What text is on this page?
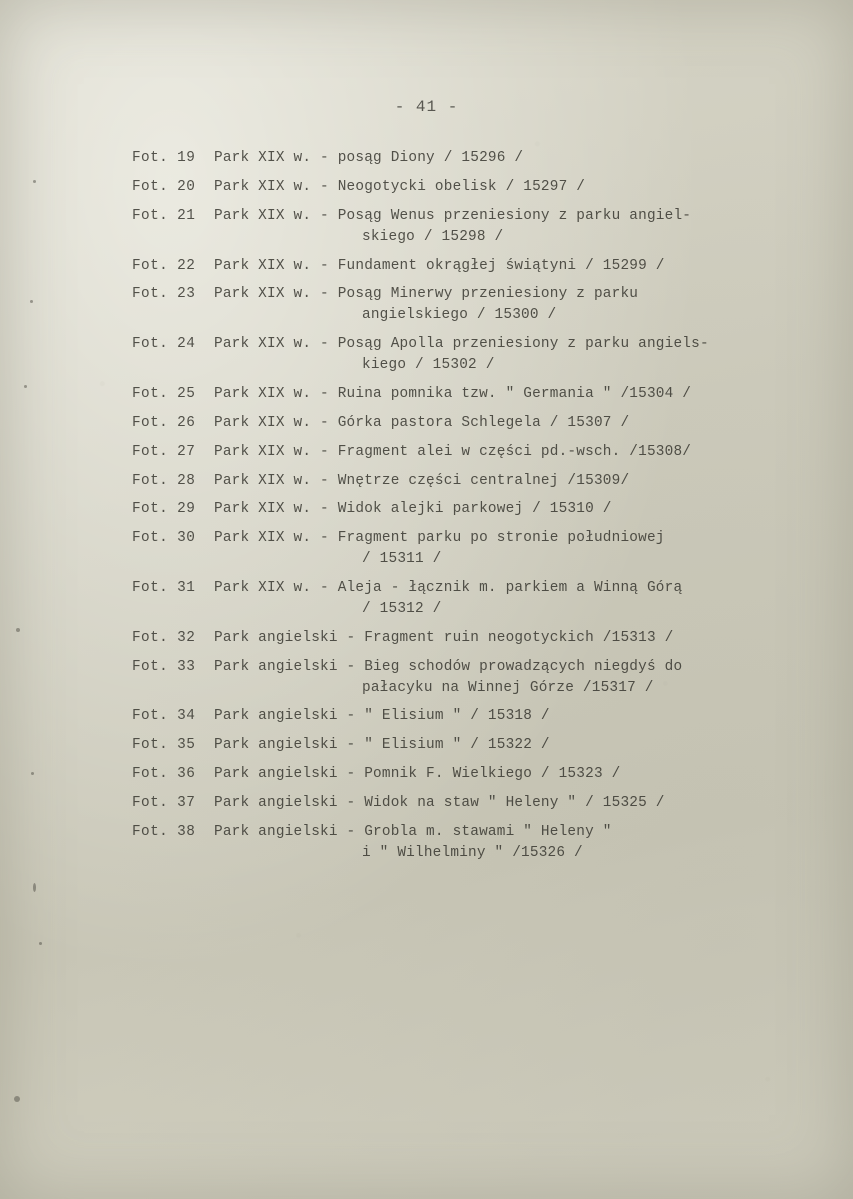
- 41 -
Fot. 19	Park XIX w. - posąg Diony / 15296 /
Fot. 20	Park XIX w. - Neogotycki obelisk / 15297 /
Fot. 21	Park XIX w. - Posąg Wenus przeniesiony z parku angiel-
skiego / 15298 /
Fot. 22	Park XIX w. - Fundament okrągłej świątyni / 15299 /
Fot. 23	Park XIX w. - Posąg Minerwy przeniesiony z parku
angielskiego / 15300 /
Fot. 24	Park XIX w. - Posąg Apolla przeniesiony z parku angiels-
kiego / 15302 /
Fot. 25	Park XIX w. - Ruina pomnika tzw. " Germania " /15304 /
Fot. 26	Park XIX w. - Górka pastora Schlegela / 15307 /
Fot. 27	Park XIX w. - Fragment alei w części pd.-wsch. /15308/
Fot. 28	Park XIX w. - Wnętrze części centralnej /15309/
Fot. 29	Park XIX w. - Widok alejki parkowej / 15310 /
Fot. 30	Park XIX w. - Fragment parku po stronie południowej
/ 15311 /
Fot. 31	Park XIX w. - Aleja - łącznik m. parkiem a Winną Górą
/ 15312 /
Fot. 32	Park angielski - Fragment ruin neogotyckich /15313 /
Fot. 33	Park angielski - Bieg schodów prowadzących niegdyś do
pałacyku na Winnej Górze /15317 /
Fot. 34	Park angielski - " Elisium " / 15318 /
Fot. 35	Park angielski - " Elisium " / 15322 /
Fot. 36	Park angielski - Pomnik F. Wielkiego / 15323 /
Fot. 37	Park angielski - Widok na staw " Heleny " / 15325 /
Fot. 38	Park angielski - Grobla m. stawami " Heleny "
i " Wilhelminy " /15326 /
